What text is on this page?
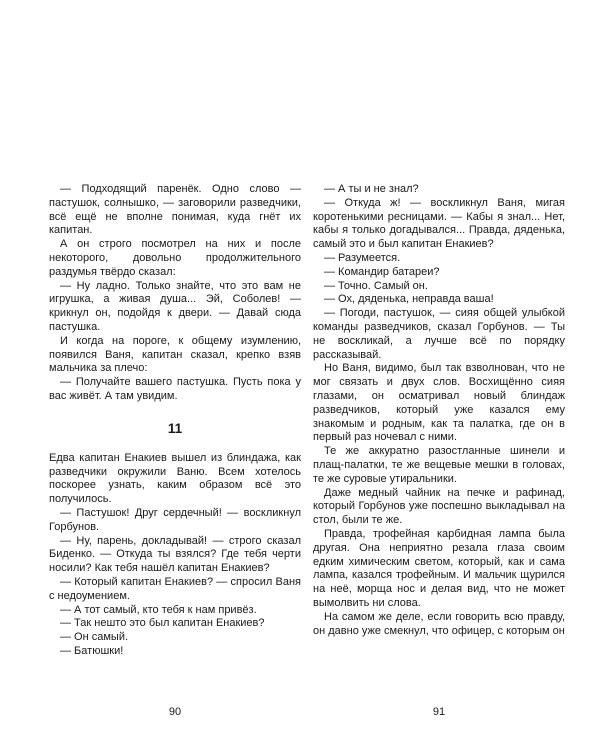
— Подходящий паренёк. Одно слово — пастушок, солнышко, — заговорили разведчики, всё ещё не вполне понимая, куда гнёт их капитан.

А он строго посмотрел на них и после некоторого, довольно продолжительного раздумья твёрдо сказал:

— Ну ладно. Только знайте, что это вам не игрушка, а живая душа... Эй, Соболев! — крикнул он, подойдя к двери. — Давай сюда пастушка.

И когда на пороге, к общему изумлению, появился Ваня, капитан сказал, крепко взяв мальчика за плечо:

— Получайте вашего пастушка. Пусть пока у вас живёт. А там увидим.

11

Едва капитан Енакиев вышел из блиндажа, как разведчики окружили Ваню. Всем хотелось поскорее узнать, каким образом всё это получилось.

— Пастушок! Друг сердечный! — воскликнул Горбунов.

— Ну, парень, докладывай! — строго сказал Биденко. — Откуда ты взялся? Где тебя черти носили? Как тебя нашёл капитан Енакиев?

— Который капитан Енакиев? — спросил Ваня с недоумением.

— А тот самый, кто тебя к нам привёз.

— Так нешто это был капитан Енакиев?

— Он самый.

— Батюшки!

90

— А ты и не знал?

— Откуда ж! — воскликнул Ваня, мигая коротенькими ресницами. — Кабы я знал... Нет, кабы я только догадывался... Правда, дяденька, самый это и был капитан Енакиев?

— Разумеется.

— Командир батареи?

— Точно. Самый он.

— Ох, дяденька, неправда ваша!

— Погоди, пастушок, — сияя общей улыбкой команды разведчиков, сказал Горбунов. — Ты не воскликай, а лучше всё по порядку рассказывай.

Но Ваня, видимо, был так взволнован, что не мог связать и двух слов. Восхищённо сияя глазами, он осматривал новый блиндаж разведчиков, который уже казался ему знакомым и родным, как та палатка, где он в первый раз ночевал с ними.

Те же аккуратно разостланные шинели и плащ-палатки, те же вещевые мешки в головах, те же суровые утиральники.

Даже медный чайник на печке и рафинад, который Горбунов уже поспешно выкладывал на стол, были те же.

Правда, трофейная карбидная лампа была другая. Она неприятно резала глаза своим едким химическим светом, который, как и сама лампа, казался трофейным. И мальчик щурился на неё, морща нос и делая вид, что не может вымолвить ни слова.

На самом же деле, если говорить всю правду, он давно уже смекнул, что офицер, с которым он

91
